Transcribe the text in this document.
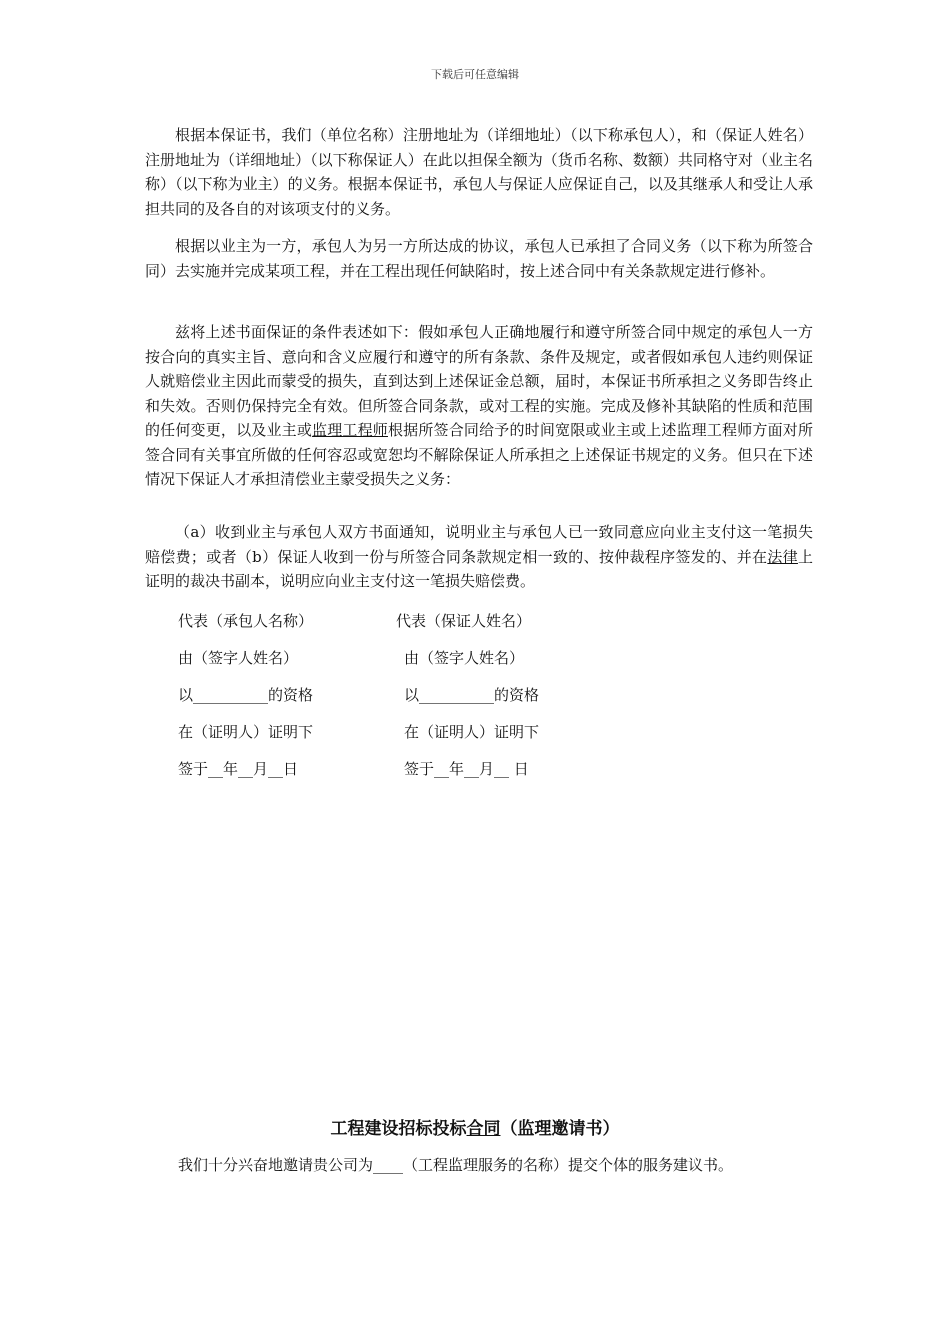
下载后可任意编辑

根据本保证书，我们（单位名称）注册地址为（详细地址）（以下称承包人），和（保证人姓名）注册地址为（详细地址）（以下称保证人）在此以担保全额为（货币名称、数额）共同格守对（业主名称）（以下称为业主）的义务。根据本保证书，承包人与保证人应保证自己，以及其继承人和受让人承担共同的及各自的对该项支付的义务。

根据以业主为一方，承包人为另一方所达成的协议，承包人已承担了合同义务（以下称为所签合同）去实施并完成某项工程，并在工程出现任何缺陷时，按上述合同中有关条款规定进行修补。

兹将上述书面保证的条件表述如下：假如承包人正确地履行和遵守所签合同中规定的承包人一方按合向的真实主旨、意向和含义应履行和遵守的所有条款、条件及规定，或者假如承包人违约则保证人就赔偿业主因此而蒙受的损失，直到达到上述保证金总额，届时，本保证书所承担之义务即告终止和失效。否则仍保持完全有效。但所签合同条款，或对工程的实施。完成及修补其缺陷的性质和范围的任何变更，以及业主或监理工程师根据所签合同给予的时间宽限或业主或上述监理工程师方面对所签合同有关事宜所做的任何容忍或宽恕均不解除保证人所承担之上述保证书规定的义务。但只在下述情况下保证人才承担清偿业主蒙受损失之义务：

（a）收到业主与承包人双方书面通知，说明业主与承包人已一致同意应向业主支付这一笔损失赔偿费；或者（b）保证人收到一份与所签合同条款规定相一致的、按仲裁程序签发的、并在法律上证明的裁决书副本，说明应向业主支付这一笔损失赔偿费。

代表（承包人名称）
由（签字人姓名）
以__________的资格
在（证明人）证明下
签于__年__月__日
代表（保证人姓名）
由（签字人姓名）
以__________的资格
在（证明人）证明下
签于__年__月__ 日
工程建设招标投标合同（监理邀请书）
我们十分兴奋地邀请贵公司为____（工程监理服务的名称）提交个体的服务建议书。
